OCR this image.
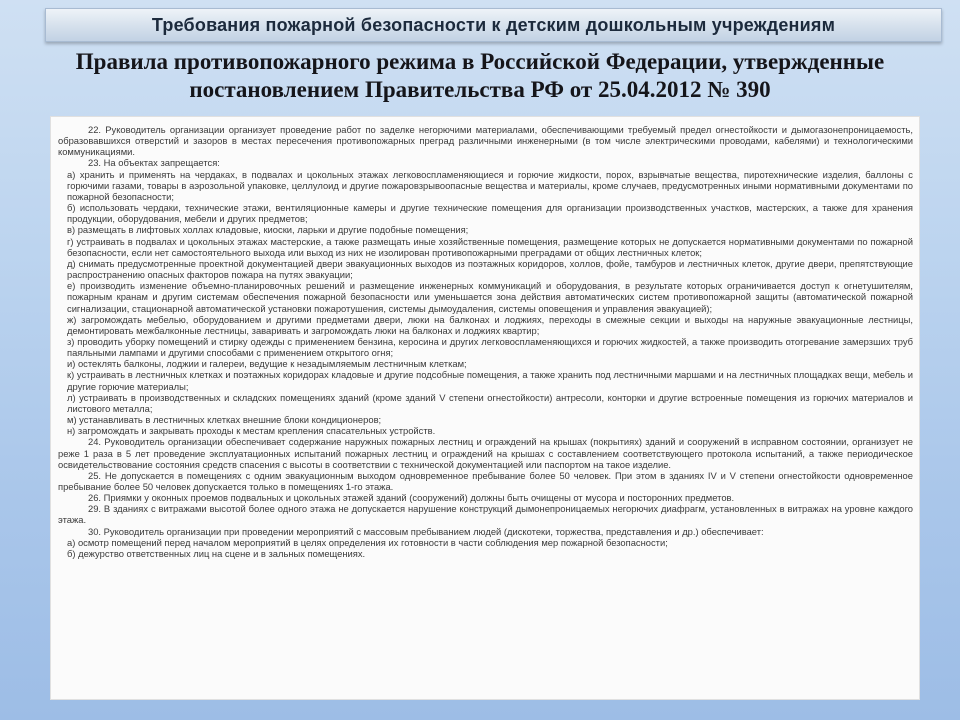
Требования пожарной безопасности к детским дошкольным учреждениям
Правила противопожарного режима в Российской Федерации, утвержденные
постановлением Правительства РФ от 25.04.2012 № 390

22. Руководитель организации организует проведение работ по заделке негорючими материалами, обеспечивающими требуемый предел огнестойкости и дымогазонепроницаемость, образовавшихся отверстий и зазоров в местах пересечения противопожарных преград различными инженерными (в том числе электрическими проводами, кабелями) и технологическими коммуникациями.

23. На объектах запрещается:

а) хранить и применять на чердаках, в подвалах и цокольных этажах легковоспламеняющиеся и горючие жидкости, порох, взрывчатые вещества, пиротехнические изделия, баллоны с горючими газами, товары в аэрозольной упаковке, целлулоид и другие пожаровзрывоопасные вещества и материалы, кроме случаев, предусмотренных иными нормативными документами по пожарной безопасности;

б) использовать чердаки, технические этажи, вентиляционные камеры и другие технические помещения для организации производственных участков, мастерских, а также для хранения продукции, оборудования, мебели и других предметов;

в) размещать в лифтовых холлах кладовые, киоски, ларьки и другие подобные помещения;

г) устраивать в подвалах и цокольных этажах мастерские, а также размещать иные хозяйственные помещения, размещение которых не допускается нормативными документами по пожарной безопасности, если нет самостоятельного выхода или выход из них не изолирован противопожарными преградами от общих лестничных клеток;

д) снимать предусмотренные проектной документацией двери эвакуационных выходов из поэтажных коридоров, холлов, фойе, тамбуров и лестничных клеток, другие двери, препятствующие распространению опасных факторов пожара на путях эвакуации;

е) производить изменение объемно-планировочных решений и размещение инженерных коммуникаций и оборудования, в результате которых ограничивается доступ к огнетушителям, пожарным кранам и другим системам обеспечения пожарной безопасности или уменьшается зона действия автоматических систем противопожарной защиты (автоматической пожарной сигнализации, стационарной автоматической установки пожаротушения, системы дымоудаления, системы оповещения и управления эвакуацией);

ж) загромождать мебелью, оборудованием и другими предметами двери, люки на балконах и лоджиях, переходы в смежные секции и выходы на наружные эвакуационные лестницы, демонтировать межбалконные лестницы, заваривать и загромождать люки на балконах и лоджиях квартир;

з) проводить уборку помещений и стирку одежды с применением бензина, керосина и других легковоспламеняющихся и горючих жидкостей, а также производить отогревание замерзших труб паяльными лампами и другими способами с применением открытого огня;

и) остеклять балконы, лоджии и галереи, ведущие к незадымляемым лестничным клеткам;

к) устраивать в лестничных клетках и поэтажных коридорах кладовые и другие подсобные помещения, а также хранить под лестничными маршами и на лестничных площадках вещи, мебель и другие горючие материалы;

л) устраивать в производственных и складских помещениях зданий (кроме зданий V степени огнестойкости) антресоли, конторки и другие встроенные помещения из горючих материалов и листового металла;

м) устанавливать в лестничных клетках внешние блоки кондиционеров;

н) загромождать и закрывать проходы к местам крепления спасательных устройств.

24. Руководитель организации обеспечивает содержание наружных пожарных лестниц и ограждений на крышах (покрытиях) зданий и сооружений в исправном состоянии, организует не реже 1 раза в 5 лет проведение эксплуатационных испытаний пожарных лестниц и ограждений на крышах с составлением соответствующего протокола испытаний, а также периодическое освидетельствование состояния средств спасения с высоты в соответствии с технической документацией или паспортом на такое изделие.

25. Не допускается в помещениях с одним эвакуационным выходом одновременное пребывание более 50 человек. При этом в зданиях IV и V степени огнестойкости одновременное пребывание более 50 человек допускается только в помещениях 1-го этажа.

26. Приямки у оконных проемов подвальных и цокольных этажей зданий (сооружений) должны быть очищены от мусора и посторонних предметов.

29. В зданиях с витражами высотой более одного этажа не допускается нарушение конструкций дымонепроницаемых негорючих диафрагм, установленных в витражах на уровне каждого этажа.

30. Руководитель организации при проведении мероприятий с массовым пребыванием людей (дискотеки, торжества, представления и др.) обеспечивает:

а) осмотр помещений перед началом мероприятий в целях определения их готовности в части соблюдения мер пожарной безопасности;

б) дежурство ответственных лиц на сцене и в зальных помещениях.
